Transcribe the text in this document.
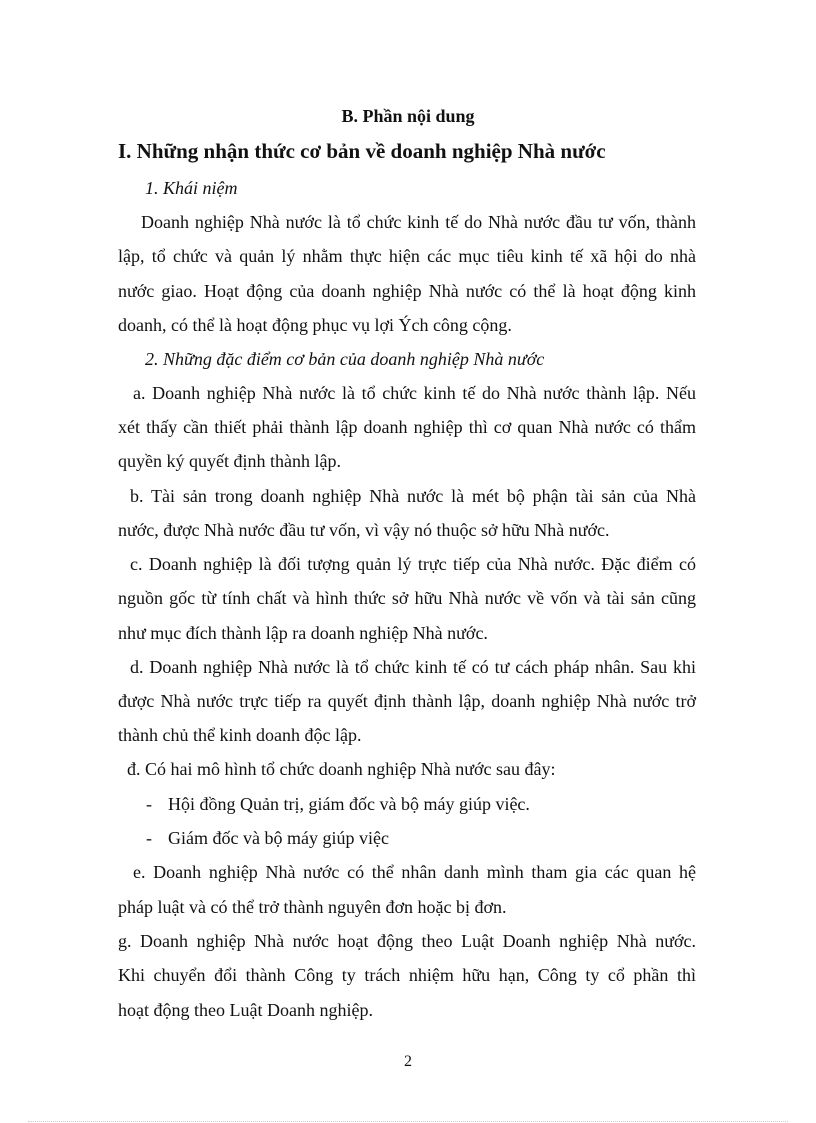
B. Phần nội dung
I. Những nhận thức cơ bản về doanh nghiệp Nhà nước
1. Khái niệm
Doanh nghiệp Nhà nước là tổ chức kinh tế do Nhà nước đầu tư vốn, thành
lập, tổ chức và quản lý nhằm thực hiện các mục tiêu kinh tế xã hội do nhà
nước giao. Hoạt động của doanh nghiệp Nhà nước có thể là hoạt động kinh
doanh, có thể là hoạt động phục vụ lợi Ých công cộng.
2. Những đặc điểm cơ bản của doanh nghiệp Nhà nước
a. Doanh nghiệp Nhà nước là tổ chức kinh tế do Nhà nước thành lập. Nếu
xét thấy cần thiết phải thành lập doanh nghiệp thì cơ quan Nhà nước có thẩm
quyền ký quyết định thành lập.
b. Tài sản trong doanh nghiệp Nhà nước là mét bộ phận tài sản của Nhà
nước, được Nhà nước đầu tư vốn, vì vậy nó thuộc sở hữu Nhà nước.
c. Doanh nghiệp là đối tượng quản lý trực tiếp của Nhà nước. Đặc điểm có
nguồn gốc từ tính chất và hình thức sở hữu Nhà nước về vốn và tài sản cũng
như mục đích thành lập ra doanh nghiệp Nhà nước.
d. Doanh nghiệp Nhà nước là tổ chức kinh tế có tư cách pháp nhân. Sau khi
được Nhà nước trực tiếp ra quyết định thành lập, doanh nghiệp Nhà nước trở
thành chủ thể kinh doanh độc lập.
đ. Có hai mô hình tổ chức doanh nghiệp Nhà nước sau đây:
- Hội đồng Quản trị, giám đốc và bộ máy giúp việc.
- Giám đốc và bộ máy giúp việc
e. Doanh nghiệp Nhà nước có thể nhân danh mình tham gia các quan hệ
pháp luật và có thể trở thành nguyên đơn hoặc bị đơn.
g. Doanh nghiệp Nhà nước hoạt động theo Luật Doanh nghiệp Nhà nước.
Khi chuyển đổi thành Công ty trách nhiệm hữu hạn, Công ty cổ phần thì
hoạt động theo Luật Doanh nghiệp.
2
